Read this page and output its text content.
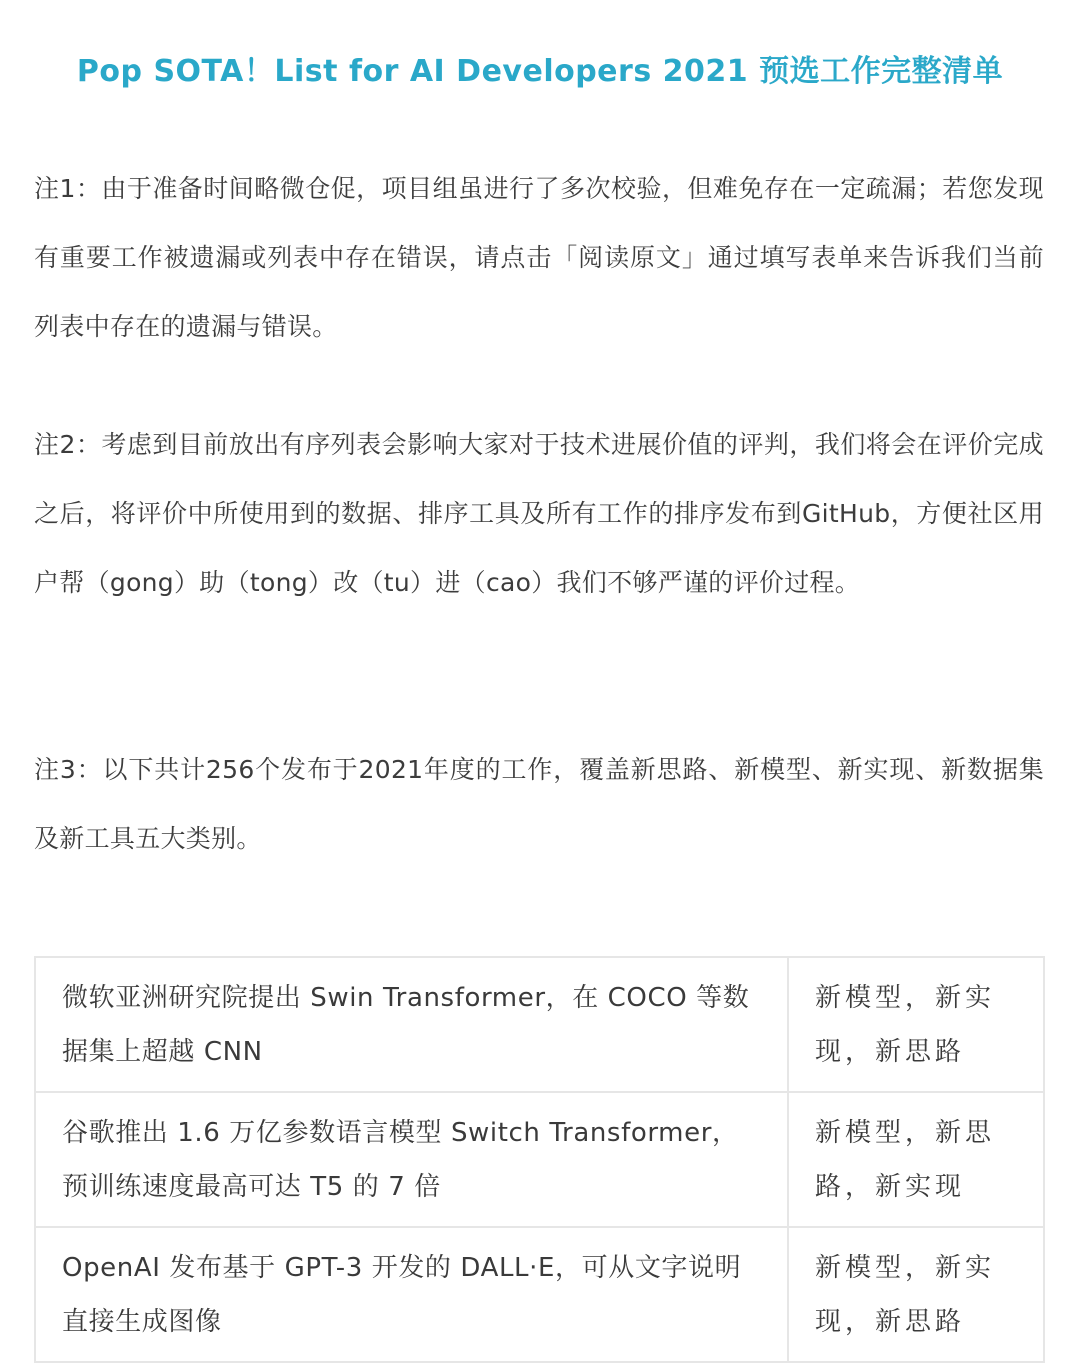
Pop SOTA！List for AI Developers 2021 预选工作完整清单
注1：由于准备时间略微仓促，项目组虽进行了多次校验，但难免存在一定疏漏；若您发现有重要工作被遗漏或列表中存在错误，请点击「阅读原文」通过填写表单来告诉我们当前列表中存在的遗漏与错误。
注2：考虑到目前放出有序列表会影响大家对于技术进展价值的评判，我们将会在评价完成之后，将评价中所使用到的数据、排序工具及所有工作的排序发布到GitHub，方便社区用户帮（gong）助（tong）改（tu）进（cao）我们不够严谨的评价过程。
注3：以下共计256个发布于2021年度的工作，覆盖新思路、新模型、新实现、新数据集及新工具五大类别。
微软亚洲研究院提出 Swin Transformer，在 COCO 等数据集上超越 CNN	新模型，新实现，新思路
谷歌推出 1.6 万亿参数语言模型 Switch Transformer，预训练速度最高可达 T5 的 7 倍	新模型，新思路，新实现
OpenAI 发布基于 GPT-3 开发的 DALL·E，可从文字说明直接生成图像	新模型，新实现，新思路
